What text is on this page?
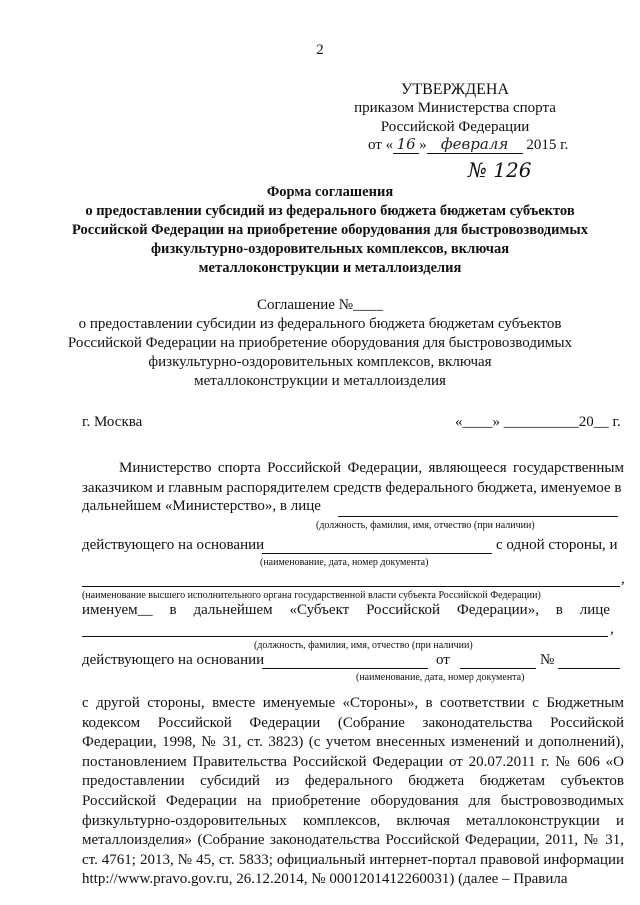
2
УТВЕРЖДЕНА
приказом Министерства спорта
Российской Федерации
от « 16 » февраля 2015 г.
№ 126
Форма соглашения
о предоставлении субсидий из федерального бюджета бюджетам субъектов
Российской Федерации на приобретение оборудования для быстровозводимых
физкультурно-оздоровительных комплексов, включая
металлоконструкции и металлоизделия
Соглашение №____
о предоставлении субсидии из федерального бюджета бюджетам субъектов
Российской Федерации на приобретение оборудования для быстровозводимых
физкультурно-оздоровительных комплексов, включая
металлоконструкции и металлоизделия
г. Москва	«____» __________20__ г.
Министерство спорта Российской Федерации, являющееся государственным заказчиком и главным распорядителем средств федерального бюджета, именуемое в
дальнейшем «Министерство», в лице
(должность, фамилия, имя, отчество (при наличии)
действующего на основании	с одной стороны, и
(наименование, дата, номер документа)
,
(наименование высшего исполнительного органа государственной власти субъекта Российской Федерации)
именуем__ в дальнейшем «Субъект Российской Федерации», в лице
,
(должность, фамилия, имя, отчество (при наличии)
действующего на основании	от	№
(наименование, дата, номер документа)
с другой стороны, вместе именуемые «Стороны», в соответствии с Бюджетным кодексом Российской Федерации (Собрание законодательства Российской Федерации, 1998, № 31, ст. 3823) (с учетом внесенных изменений и дополнений), постановлением Правительства Российской Федерации от 20.07.2011 г. № 606 «О предоставлении субсидий из федерального бюджета бюджетам субъектов Российской Федерации на приобретение оборудования для быстровозводимых физкультурно-оздоровительных комплексов, включая металлоконструкции и металлоизделия» (Собрание законодательства Российской Федерации, 2011, № 31, ст. 4761; 2013, № 45, ст. 5833; официальный интернет-портал правовой информации http://www.pravo.gov.ru, 26.12.2014, № 0001201412260031) (далее – Правила
